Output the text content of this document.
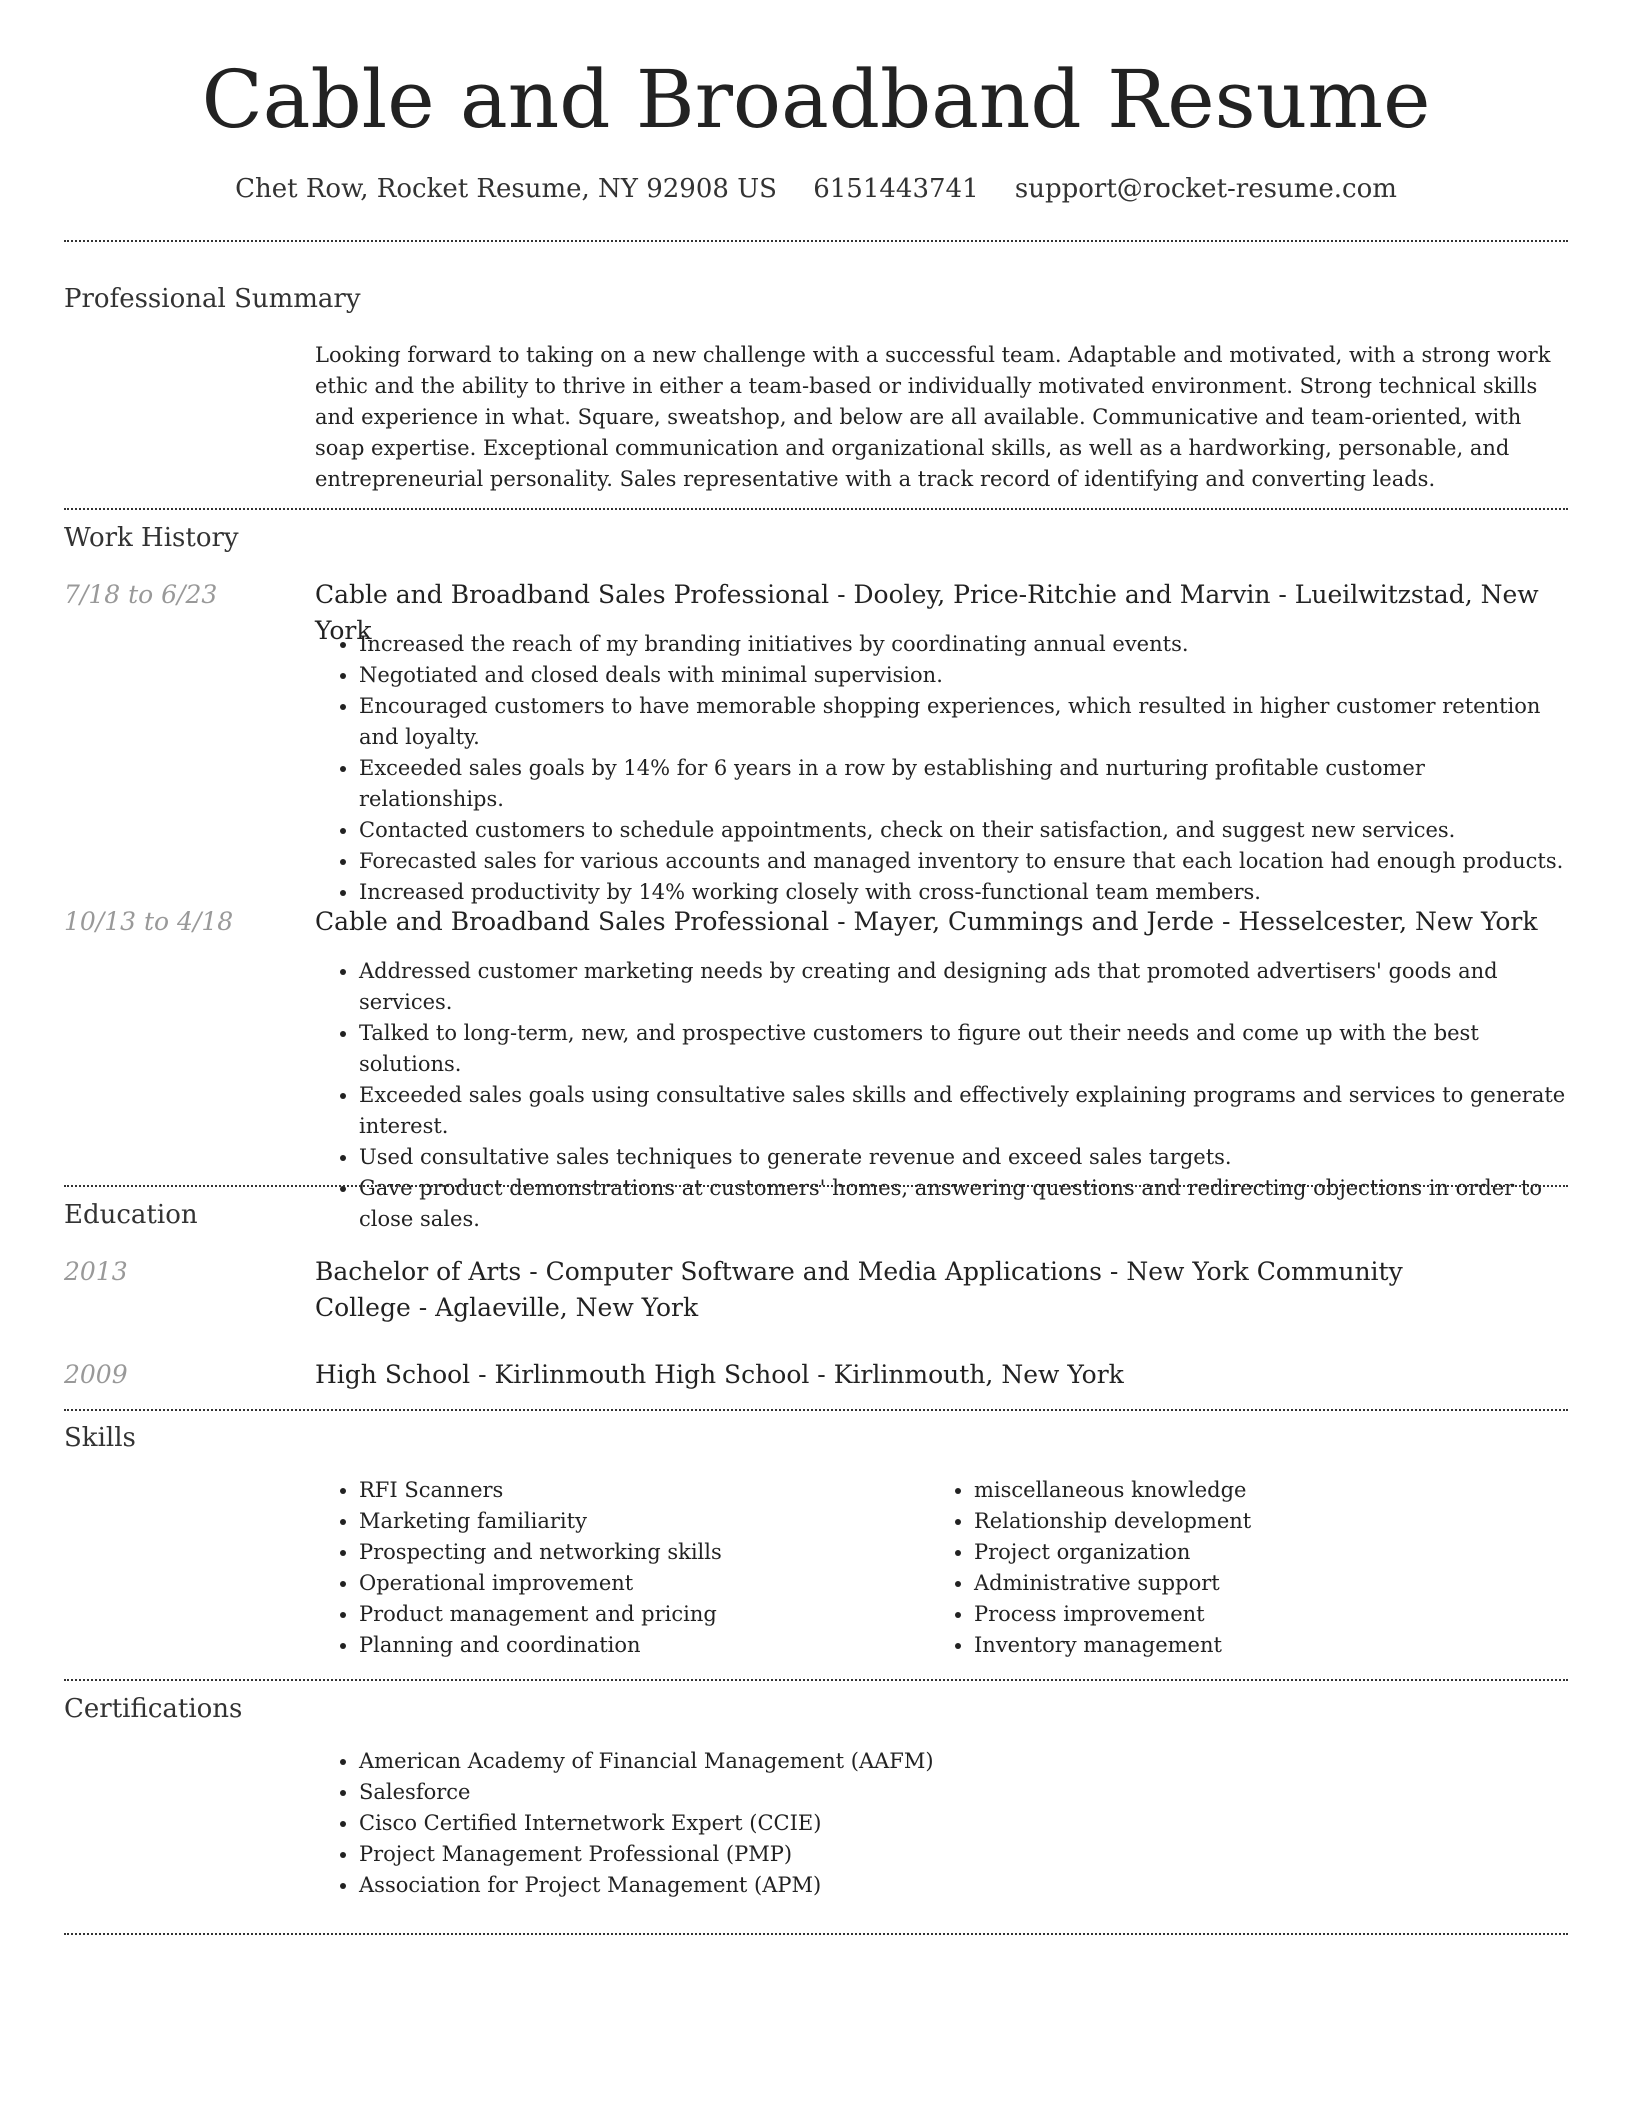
Cable and Broadband Resume
Chet Row, Rocket Resume, NY 92908 US 6151443741 support@rocket-resume.com
Professional Summary

Looking forward to taking on a new challenge with a successful team. Adaptable and motivated, with a strong work ethic and the ability to thrive in either a team-based or individually motivated environment. Strong technical skills and experience in what. Square, sweatshop, and below are all available. Communicative and team-oriented, with soap expertise. Exceptional communication and organizational skills, as well as a hardworking, personable, and entrepreneurial personality. Sales representative with a track record of identifying and converting leads.

Work History
7/18 to 6/23	Cable and Broadband Sales Professional - Dooley, Price-Ritchie and Marvin - Lueilwitzstad, New York
• Increased the reach of my branding initiatives by coordinating annual events.
• Negotiated and closed deals with minimal supervision.
• Encouraged customers to have memorable shopping experiences, which resulted in higher customer retention and loyalty.
• Exceeded sales goals by 14% for 6 years in a row by establishing and nurturing profitable customer relationships.
• Contacted customers to schedule appointments, check on their satisfaction, and suggest new services.
• Forecasted sales for various accounts and managed inventory to ensure that each location had enough products.
• Increased productivity by 14% working closely with cross-functional team members.
10/13 to 4/18	Cable and Broadband Sales Professional - Mayer, Cummings and Jerde - Hesselcester, New York
• Addressed customer marketing needs by creating and designing ads that promoted advertisers' goods and services.
• Talked to long-term, new, and prospective customers to figure out their needs and come up with the best solutions.
• Exceeded sales goals using consultative sales skills and effectively explaining programs and services to generate interest.
• Used consultative sales techniques to generate revenue and exceed sales targets.
• Gave product demonstrations at customers' homes, answering questions and redirecting objections in order to close sales.
Education
2013	Bachelor of Arts - Computer Software and Media Applications - New York Community College - Aglaeville, New York
2009	High School - Kirlinmouth High School - Kirlinmouth, New York
Skills
• RFI Scanners
• Marketing familiarity
• Prospecting and networking skills
• Operational improvement
• Product management and pricing
• Planning and coordination
• miscellaneous knowledge
• Relationship development
• Project organization
• Administrative support
• Process improvement
• Inventory management
Certifications
• American Academy of Financial Management (AAFM)
• Salesforce
• Cisco Certified Internetwork Expert (CCIE)
• Project Management Professional (PMP)
• Association for Project Management (APM)
